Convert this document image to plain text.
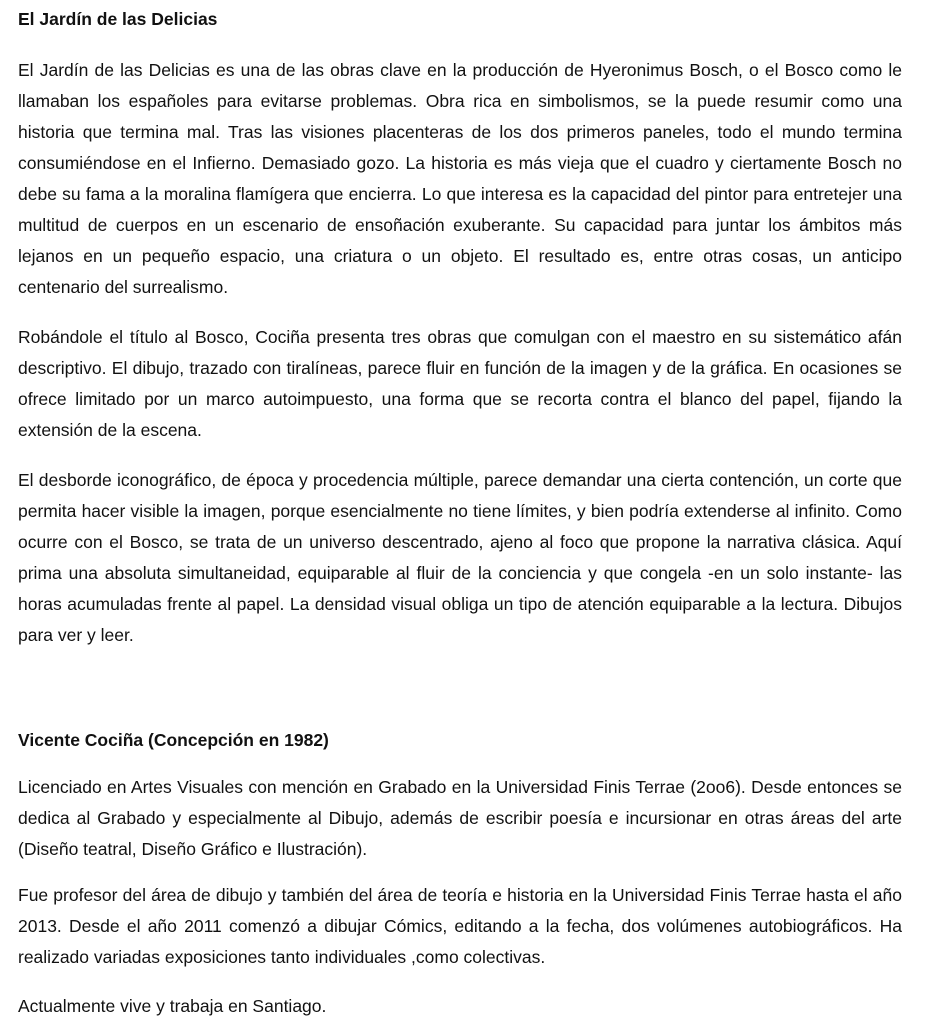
El Jardín de las Delicias

El Jardín de las Delicias es una de las obras clave en la producción de Hyeronimus Bosch, o el Bosco como le llamaban los españoles para evitarse problemas. Obra rica en simbolismos, se la puede resumir como una historia que termina mal. Tras las visiones placenteras de los dos primeros paneles, todo el mundo termina consumiéndose en el Infierno. Demasiado gozo. La historia es más vieja que el cuadro y ciertamente Bosch no debe su fama a la moralina flamígera que encierra. Lo que interesa es la capacidad del pintor para entretejer una multitud de cuerpos en un escenario de ensoñación exuberante. Su capacidad para juntar los ámbitos más lejanos en un pequeño espacio, una criatura o un objeto. El resultado es, entre otras cosas, un anticipo centenario del surrealismo.

Robándole el título al Bosco, Cociña presenta tres obras que comulgan con el maestro en su sistemático afán descriptivo. El dibujo, trazado con tiralíneas, parece fluir en función de la imagen y de la gráfica. En ocasiones se ofrece limitado por un marco autoimpuesto, una forma que se recorta contra el blanco del papel, fijando la extensión de la escena.

El desborde iconográfico, de época y procedencia múltiple, parece demandar una cierta contención, un corte que permita hacer visible la imagen, porque esencialmente no tiene límites, y bien podría extenderse al infinito. Como ocurre con el Bosco, se trata de un universo descentrado, ajeno al foco que propone la narrativa clásica. Aquí prima una absoluta simultaneidad, equiparable al fluir de la conciencia y que congela -en un solo instante- las horas acumuladas frente al papel. La densidad visual obliga un tipo de atención equiparable a la lectura. Dibujos para ver y leer.

Vicente Cociña (Concepción en 1982)

Licenciado en Artes Visuales con mención en Grabado en la Universidad Finis Terrae (2oo6). Desde entonces se dedica al Grabado y especialmente al Dibujo, además de escribir poesía e incursionar en otras áreas del arte (Diseño teatral, Diseño Gráfico e Ilustración).

Fue profesor del área de dibujo y también del área de teoría e historia en la Universidad Finis Terrae hasta el año 2013. Desde el año 2011 comenzó a dibujar Cómics, editando a la fecha, dos volúmenes autobiográficos. Ha realizado variadas exposiciones tanto individuales ,como colectivas.

Actualmente vive y trabaja en Santiago.
